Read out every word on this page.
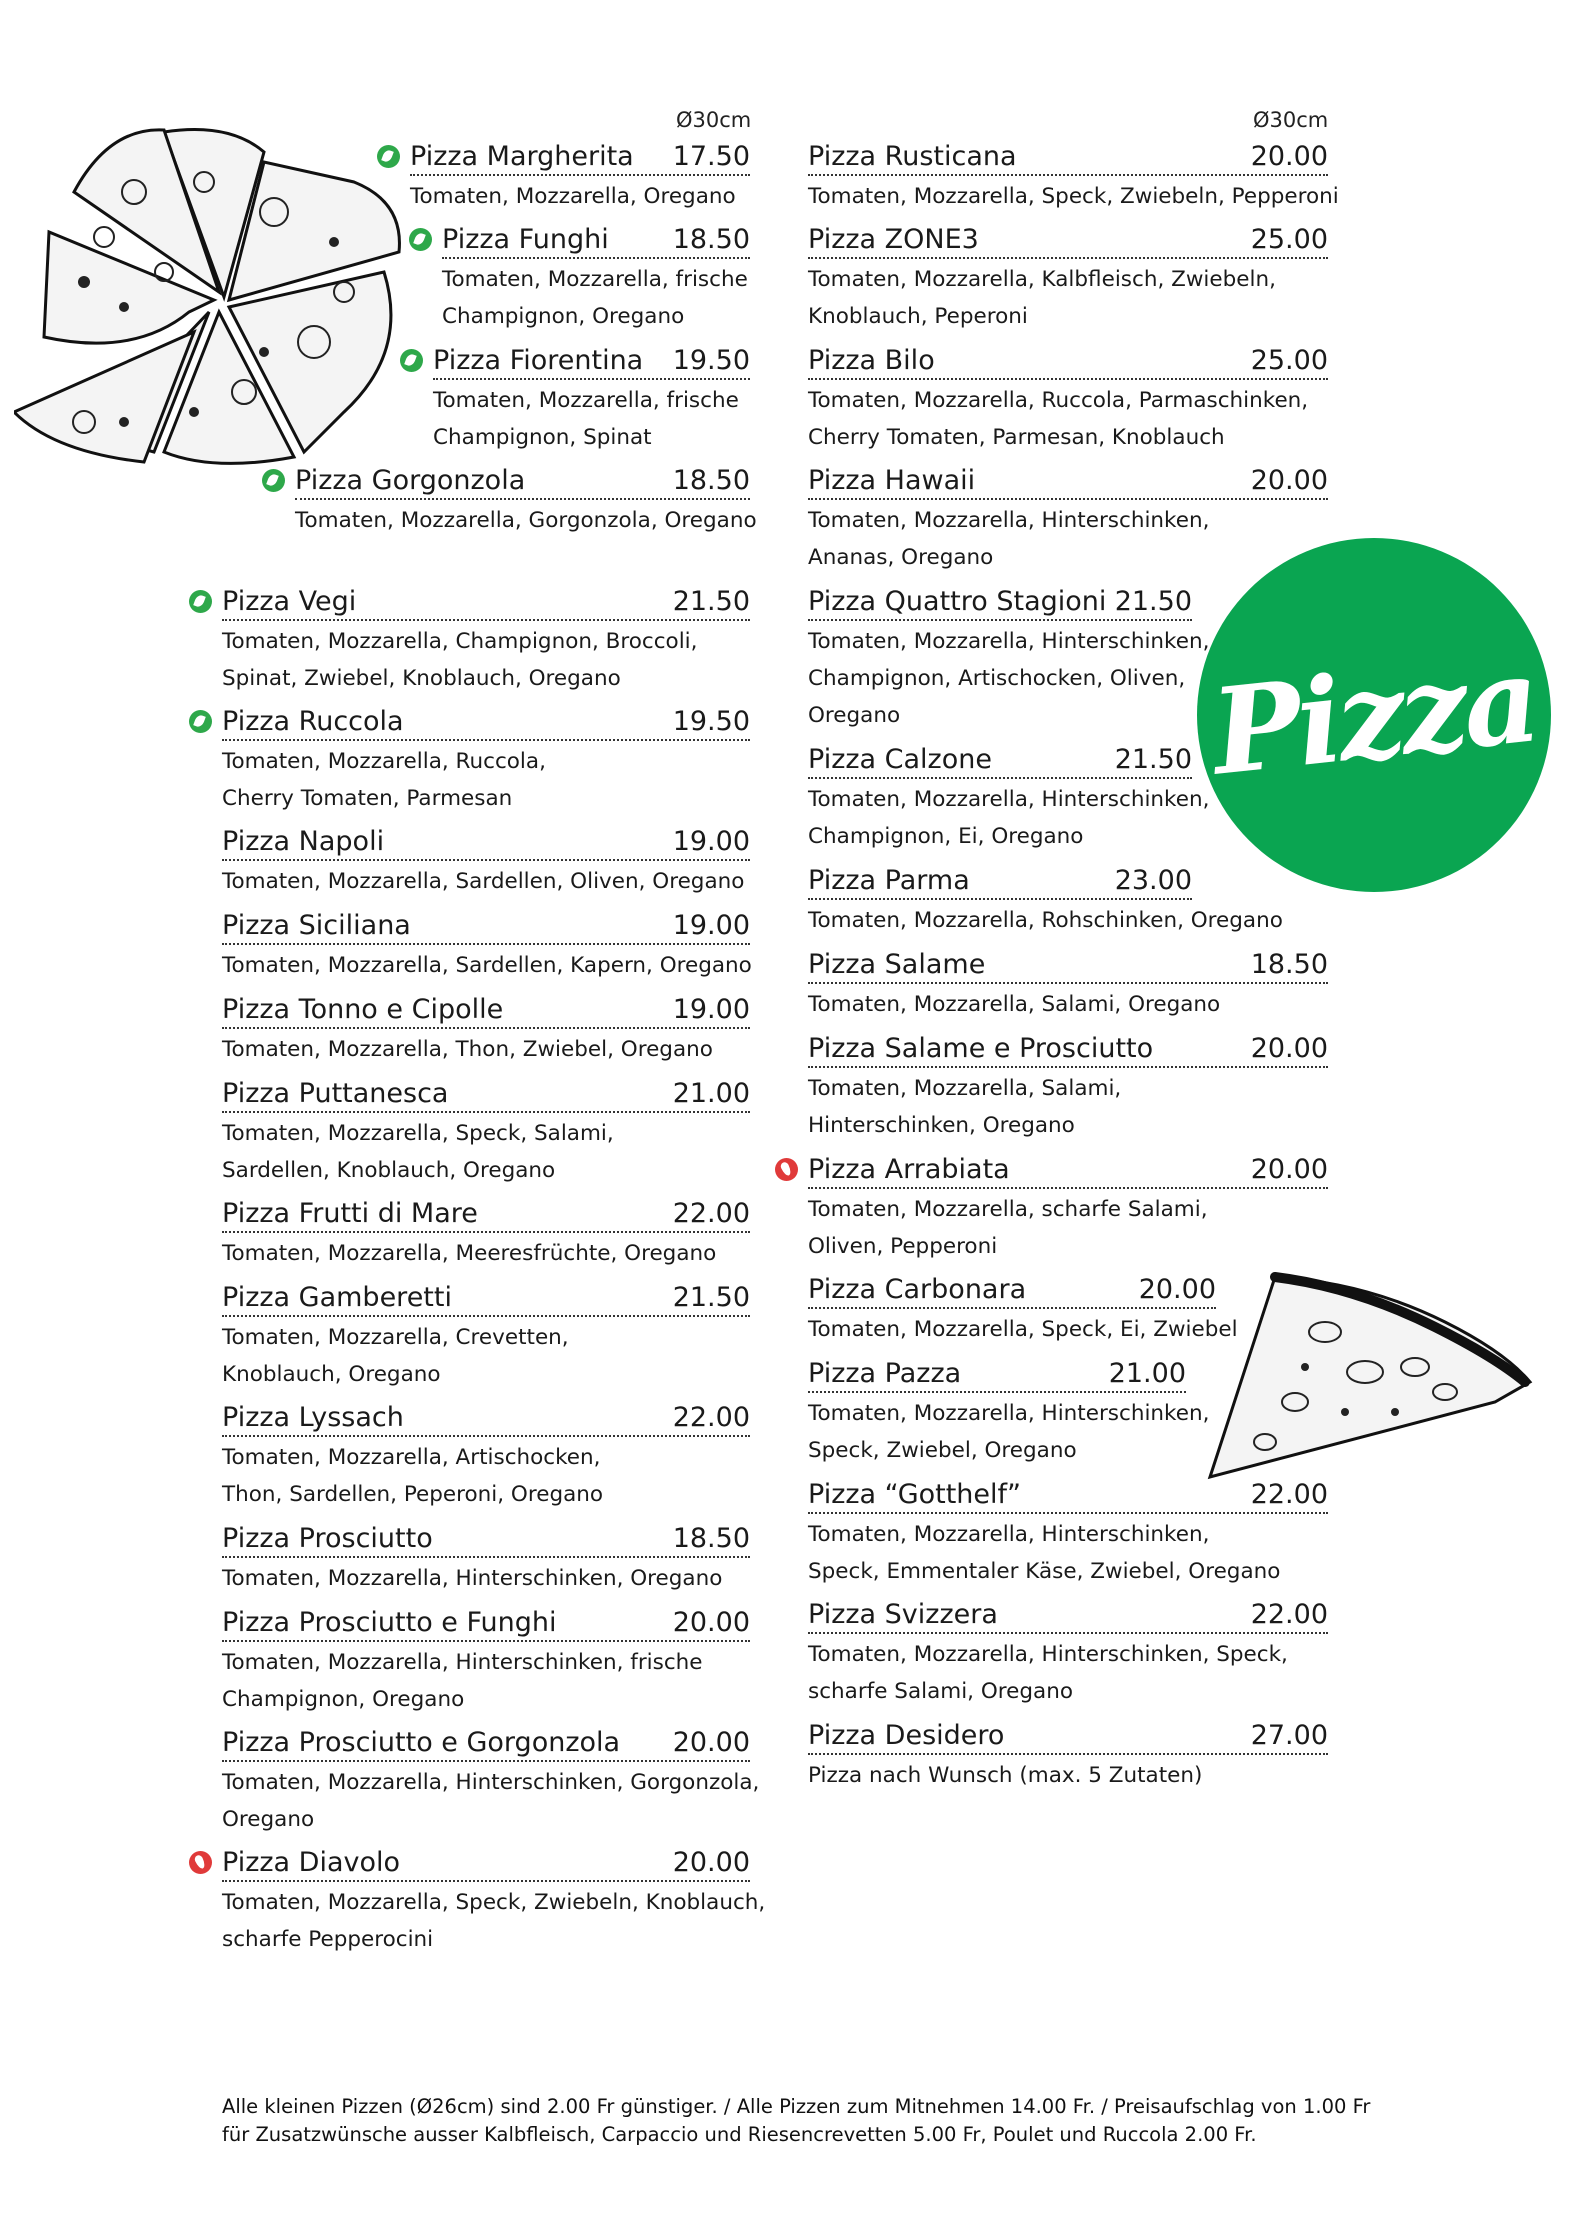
Ø30cm	Ø30cm
Pizza
Pizza Margherita 17.50
Tomaten, Mozzarella, Oregano
Pizza Funghi 18.50
Tomaten, Mozzarella, frische
Champignon, Oregano
Pizza Fiorentina 19.50
Tomaten, Mozzarella, frische
Champignon, Spinat
Pizza Gorgonzola	18.50
Tomaten, Mozzarella, Gorgonzola, Oregano
Pizza Vegi	21.50
Tomaten, Mozzarella, Champignon, Broccoli,
Spinat, Zwiebel, Knoblauch, Oregano
Pizza Ruccola	19.50
Tomaten, Mozzarella, Ruccola,
Cherry Tomaten, Parmesan
Pizza Napoli	19.00
Tomaten, Mozzarella, Sardellen, Oliven, Oregano
Pizza Siciliana	19.00
Tomaten, Mozzarella, Sardellen, Kapern, Oregano
Pizza Tonno e Cipolle	19.00
Tomaten, Mozzarella, Thon, Zwiebel, Oregano
Pizza Puttanesca	21.00
Tomaten, Mozzarella, Speck, Salami,
Sardellen, Knoblauch, Oregano
Pizza Frutti di Mare	22.00
Tomaten, Mozzarella, Meeresfrüchte, Oregano
Pizza Gamberetti	21.50
Tomaten, Mozzarella, Crevetten,
Knoblauch, Oregano
Pizza Lyssach	22.00
Tomaten, Mozzarella, Artischocken,
Thon, Sardellen, Peperoni, Oregano
Pizza Prosciutto	18.50
Tomaten, Mozzarella, Hinterschinken, Oregano
Pizza Prosciutto e Funghi	20.00
Tomaten, Mozzarella, Hinterschinken, frische
Champignon, Oregano
Pizza Prosciutto e Gorgonzola 20.00
Tomaten, Mozzarella, Hinterschinken, Gorgonzola,
Oregano
Pizza Diavolo	20.00
Tomaten, Mozzarella, Speck, Zwiebeln, Knoblauch,
scharfe Pepperocini
Pizza Rusticana	20.00
Tomaten, Mozzarella, Speck, Zwiebeln, Pepperoni
Pizza ZONE3	25.00
Tomaten, Mozzarella, Kalbfleisch, Zwiebeln,
Knoblauch, Peperoni
Pizza Bilo	25.00
Tomaten, Mozzarella, Ruccola, Parmaschinken,
Cherry Tomaten, Parmesan, Knoblauch
Pizza Hawaii	20.00
Tomaten, Mozzarella, Hinterschinken,
Ananas, Oregano
Pizza Quattro Stagioni 21.50
Tomaten, Mozzarella, Hinterschinken,
Champignon, Artischocken, Oliven,
Oregano
Pizza Calzone	21.50
Tomaten, Mozzarella, Hinterschinken,
Champignon, Ei, Oregano
Pizza Parma	23.00
Tomaten, Mozzarella, Rohschinken, Oregano
Pizza Salame	18.50
Tomaten, Mozzarella, Salami, Oregano
Pizza Salame e Prosciutto	20.00
Tomaten, Mozzarella, Salami,
Hinterschinken, Oregano
Pizza Arrabiata	20.00
Tomaten, Mozzarella, scharfe Salami,
Oliven, Pepperoni
Pizza Carbonara	20.00
Tomaten, Mozzarella, Speck, Ei, Zwiebel
Pizza Pazza	21.00
Tomaten, Mozzarella, Hinterschinken,
Speck, Zwiebel, Oregano
Pizza “Gotthelf”	22.00
Tomaten, Mozzarella, Hinterschinken,
Speck, Emmentaler Käse, Zwiebel, Oregano
Pizza Svizzera	22.00
Tomaten, Mozzarella, Hinterschinken, Speck,
scharfe Salami, Oregano
Pizza Desidero	27.00
Pizza nach Wunsch (max. 5 Zutaten)
Alle kleinen Pizzen (Ø26cm) sind 2.00 Fr günstiger. / Alle Pizzen zum Mitnehmen 14.00 Fr. / Preisaufschlag von 1.00 Fr
für Zusatzwünsche ausser Kalbfleisch, Carpaccio und Riesencrevetten 5.00 Fr, Poulet und Ruccola 2.00 Fr.
